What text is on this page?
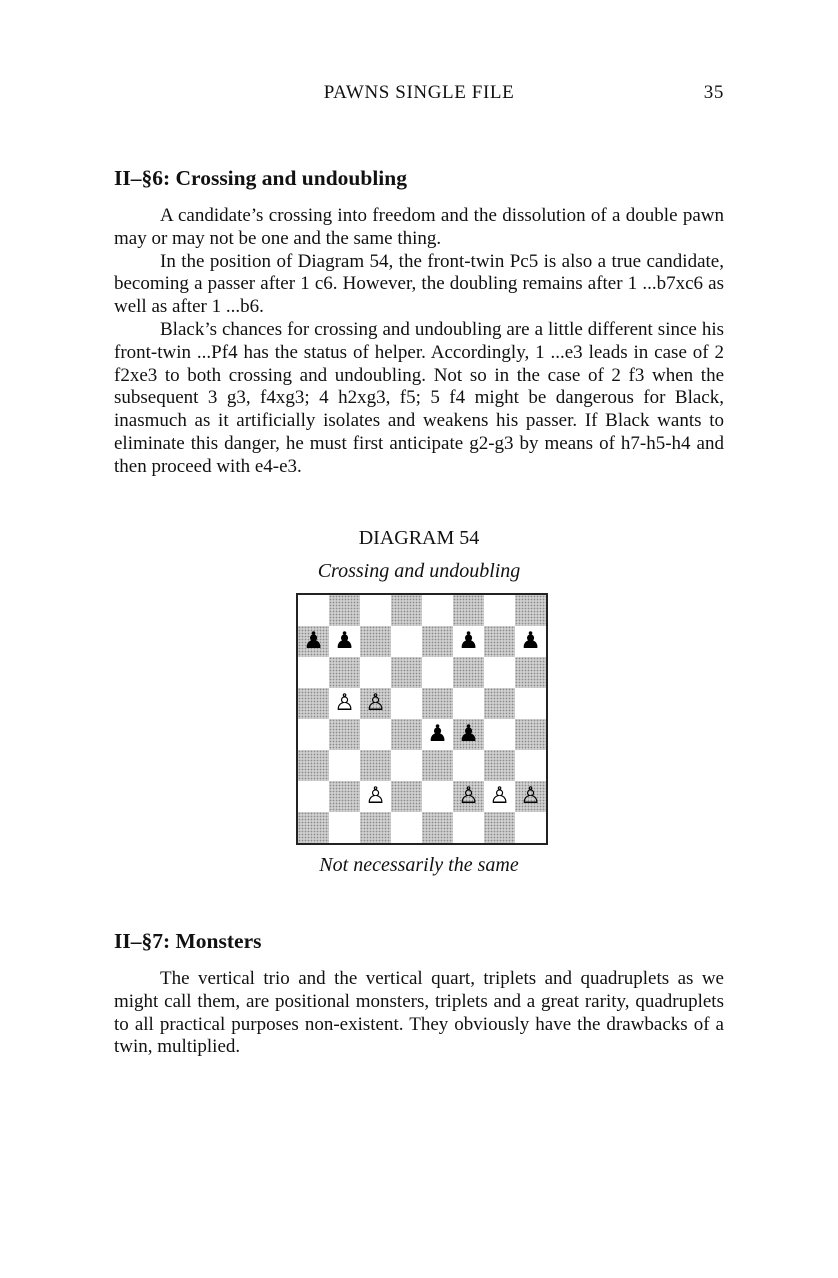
PAWNS SINGLE FILE	35
II–§6: Crossing and undoubling

A candidate’s crossing into freedom and the dissolution of a double pawn may or may not be one and the same thing.

In the position of Diagram 54, the front-twin Pc5 is also a true candidate, becoming a passer after 1 c6. However, the doubling remains after 1 ...b7xc6 as well as after 1 ...b6.

Black’s chances for crossing and undoubling are a little different since his front-twin ...Pf4 has the status of helper. Accordingly, 1 ...e3 leads in case of 2 f2xe3 to both crossing and undoubling. Not so in the case of 2 f3 when the subsequent 3 g3, f4xg3; 4 h2xg3, f5; 5 f4 might be dangerous for Black, inasmuch as it artificially isolates and weakens his passer. If Black wants to eliminate this danger, he must first anticipate g2-g3 by means of h7-h5-h4 and then proceed with e4-e3.

DIAGRAM 54
Crossing and undoubling
♟ ♟	♟ ♟
♙ ♙
♟ ♟
♙	♙ ♙ ♙
Not necessarily the same
II–§7: Monsters

The vertical trio and the vertical quart, triplets and quadruplets as we might call them, are positional monsters, triplets and a great rarity, quadruplets to all practical purposes non-existent. They obviously have the drawbacks of a twin, multiplied.
